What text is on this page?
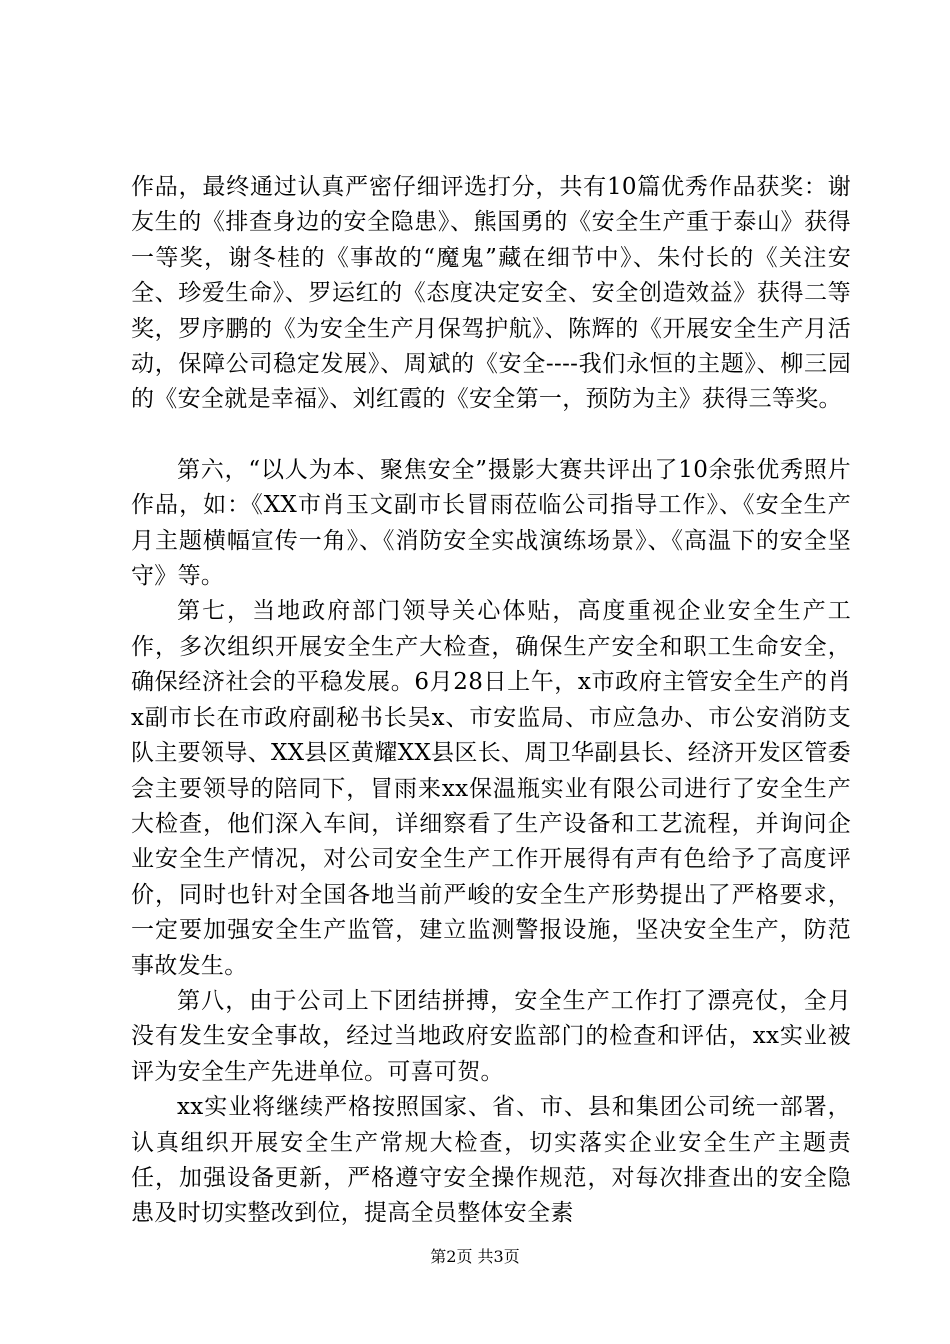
作品，最终通过认真严密仔细评选打分，共有10篇优秀作品获奖：谢友生的《排查身边的安全隐患》、熊国勇的《安全生产重于泰山》获得一等奖，谢冬桂的《事故的“魔鬼”藏在细节中》、朱付长的《关注安全、珍爱生命》、罗运红的《态度决定安全、安全创造效益》获得二等奖，罗序鹏的《为安全生产月保驾护航》、陈辉的《开展安全生产月活动，保障公司稳定发展》、周斌的《安全----我们永恒的主题》、柳三园的《安全就是幸福》、刘红霞的《安全第一，预防为主》获得三等奖。

第六，“以人为本、聚焦安全”摄影大赛共评出了10余张优秀照片作品，如：《XX市肖玉文副市长冒雨莅临公司指导工作》、《安全生产月主题横幅宣传一角》、《消防安全实战演练场景》、《高温下的安全坚守》等。

第七，当地政府部门领导关心体贴，高度重视企业安全生产工作，多次组织开展安全生产大检查，确保生产安全和职工生命安全，确保经济社会的平稳发展。6月28日上午，x市政府主管安全生产的肖x副市长在市政府副秘书长吴x、市安监局、市应急办、市公安消防支队主要领导、XX县区黄耀XX县区长、周卫华副县长、经济开发区管委会主要领导的陪同下，冒雨来xx保温瓶实业有限公司进行了安全生产大检查，他们深入车间，详细察看了生产设备和工艺流程，并询问企业安全生产情况，对公司安全生产工作开展得有声有色给予了高度评价，同时也针对全国各地当前严峻的安全生产形势提出了严格要求，一定要加强安全生产监管，建立监测警报设施，坚决安全生产，防范事故发生。

第八，由于公司上下团结拼搏，安全生产工作打了漂亮仗，全月没有发生安全事故，经过当地政府安监部门的检查和评估，xx实业被评为安全生产先进单位。可喜可贺。

xx实业将继续严格按照国家、省、市、县和集团公司统一部署，认真组织开展安全生产常规大检查，切实落实企业安全生产主题责任，加强设备更新，严格遵守安全操作规范，对每次排查出的安全隐患及时切实整改到位，提高全员整体安全素

第2页 共3页
